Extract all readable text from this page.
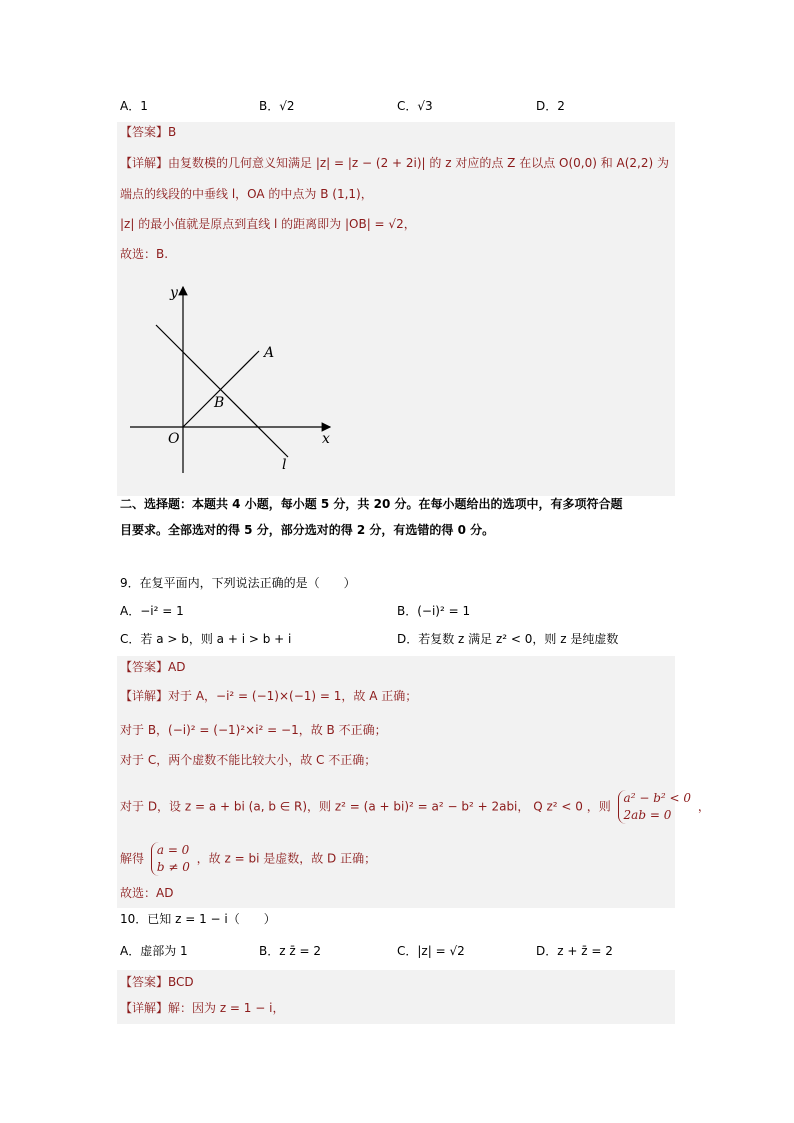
A．1	B．√2	C．√3	D．2
【答案】B
【详解】由复数模的几何意义知满足 |z| = |z − (2 + 2i)| 的 z 对应的点 Z 在以点 O(0,0) 和 A(2,2) 为
端点的线段的中垂线 l，OA 的中点为 B (1,1)，
|z| 的最小值就是原点到直线 l 的距离即为 |OB| = √2，
故选：B.
y
A
B
O	x
l
二、选择题：本题共 4 小题，每小题 5 分，共 20 分。在每小题给出的选项中，有多项符合题
目要求。全部选对的得 5 分，部分选对的得 2 分，有选错的得 0 分。
9．在复平面内，下列说法正确的是（　　）
A．−i² = 1	B．(−i)² = 1
C．若 a > b，则 a + i > b + i	D．若复数 z 满足 z² < 0，则 z 是纯虚数
【答案】AD
【详解】对于 A，−i² = (−1)×(−1) = 1，故 A 正确；
对于 B，(−i)² = (−1)²×i² = −1，故 B 不正确；
对于 C，两个虚数不能比较大小，故 C 不正确；
对于 D，设 z = a + bi (a, b ∈ R)，则 z² = (a + bi)² = a² − b² + 2abi， Q z² < 0 ，则
a² − b² < 0
2ab = 0
，
解得
a = 0
b ≠ 0
，故 z = bi 是虚数，故 D 正确；
故选：AD
10．已知 z = 1 − i（　　）
A．虚部为 1	B．z z̄ = 2	C．|z| = √2	D．z + z̄ = 2
【答案】BCD
【详解】解：因为 z = 1 − i，
